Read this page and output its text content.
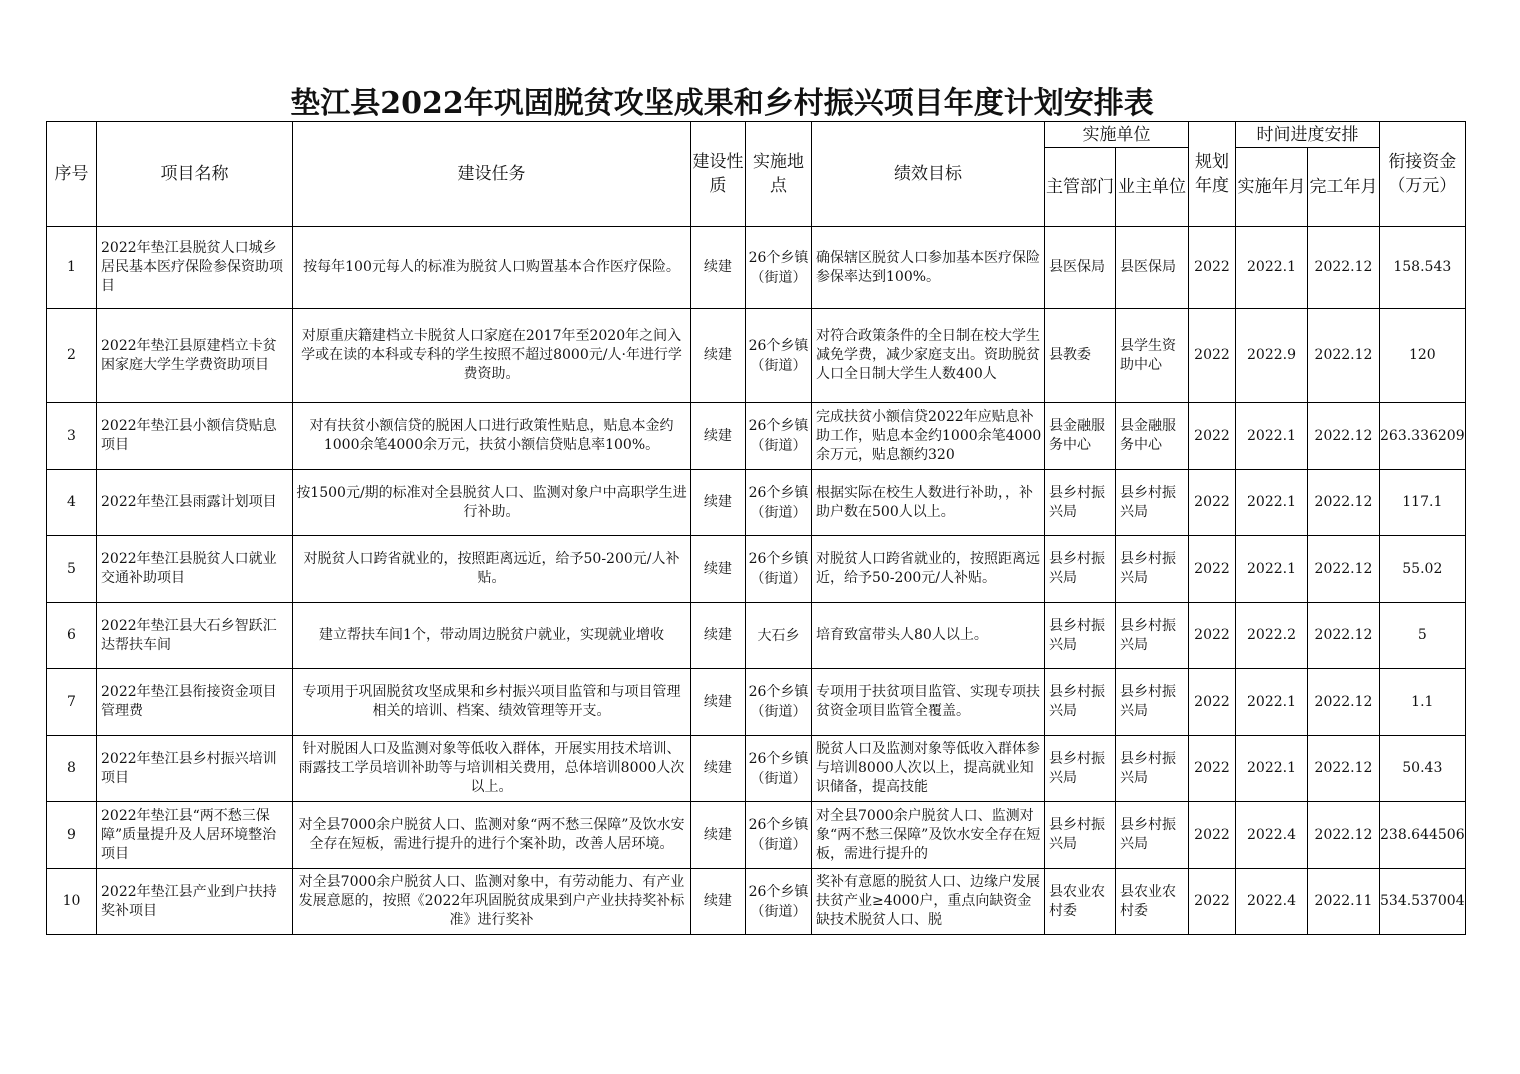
垫江县2022年巩固脱贫攻坚成果和乡村振兴项目年度计划安排表
序号	项目名称	建设任务	建设性质	实施地点	绩效目标	实施单位		规划年度	时间进度安排		衔接资金（万元）
						主管部门	业主单位		实施年月	完工年月	
1	2022年垫江县脱贫人口城乡居民基本医疗保险参保资助项目	按每年100元每人的标准为脱贫人口购置基本合作医疗保险。	续建	26个乡镇（街道）	确保辖区脱贫人口参加基本医疗保险参保率达到100%。	县医保局	县医保局	2022	2022.1	2022.12	158.543
2	2022年垫江县原建档立卡贫困家庭大学生学费资助项目	对原重庆籍建档立卡脱贫人口家庭在2017年至2020年之间入学或在读的本科或专科的学生按照不超过8000元/人·年进行学费资助。	续建	26个乡镇（街道）	对符合政策条件的全日制在校大学生减免学费，减少家庭支出。资助脱贫人口全日制大学生人数400人	县教委	县学生资助中心	2022	2022.9	2022.12	120
3	2022年垫江县小额信贷贴息项目	对有扶贫小额信贷的脱困人口进行政策性贴息，贴息本金约1000余笔4000余万元，扶贫小额信贷贴息率100%。	续建	26个乡镇（街道）	完成扶贫小额信贷2022年应贴息补助工作，贴息本金约1000余笔4000余万元，贴息额约320	县金融服务中心	县金融服务中心	2022	2022.1	2022.12	263.336209
4	2022年垫江县雨露计划项目	按1500元/期的标准对全县脱贫人口、监测对象户中高职学生进行补助。	续建	26个乡镇（街道）	根据实际在校生人数进行补助，，补助户数在500人以上。	县乡村振兴局	县乡村振兴局	2022	2022.1	2022.12	117.1
5	2022年垫江县脱贫人口就业交通补助项目	对脱贫人口跨省就业的，按照距离远近，给予50-200元/人补贴。	续建	26个乡镇（街道）	对脱贫人口跨省就业的，按照距离远近，给予50-200元/人补贴。	县乡村振兴局	县乡村振兴局	2022	2022.1	2022.12	55.02
6	2022年垫江县大石乡智跃汇达帮扶车间	建立帮扶车间1个，带动周边脱贫户就业，实现就业增收	续建	大石乡	培育致富带头人80人以上。	县乡村振兴局	县乡村振兴局	2022	2022.2	2022.12	5
7	2022年垫江县衔接资金项目管理费	专项用于巩固脱贫攻坚成果和乡村振兴项目监管和与项目管理相关的培训、档案、绩效管理等开支。	续建	26个乡镇（街道）	专项用于扶贫项目监管、实现专项扶贫资金项目监管全覆盖。	县乡村振兴局	县乡村振兴局	2022	2022.1	2022.12	1.1
8	2022年垫江县乡村振兴培训项目	针对脱困人口及监测对象等低收入群体，开展实用技术培训、雨露技工学员培训补助等与培训相关费用，总体培训8000人次以上。	续建	26个乡镇（街道）	脱贫人口及监测对象等低收入群体参与培训8000人次以上，提高就业知识储备，提高技能	县乡村振兴局	县乡村振兴局	2022	2022.1	2022.12	50.43
9	2022年垫江县“两不愁三保障”质量提升及人居环境整治项目	对全县7000余户脱贫人口、监测对象“两不愁三保障”及饮水安全存在短板，需进行提升的进行个案补助，改善人居环境。	续建	26个乡镇（街道）	对全县7000余户脱贫人口、监测对象“两不愁三保障”及饮水安全存在短板，需进行提升的	县乡村振兴局	县乡村振兴局	2022	2022.4	2022.12	238.644506
10	2022年垫江县产业到户扶持奖补项目	对全县7000余户脱贫人口、监测对象中，有劳动能力、有产业发展意愿的，按照《2022年巩固脱贫成果到户产业扶持奖补标准》进行奖补	续建	26个乡镇（街道）	奖补有意愿的脱贫人口、边缘户发展扶贫产业≥4000户，重点向缺资金缺技术脱贫人口、脱	县农业农村委	县农业农村委	2022	2022.4	2022.11	534.537004
